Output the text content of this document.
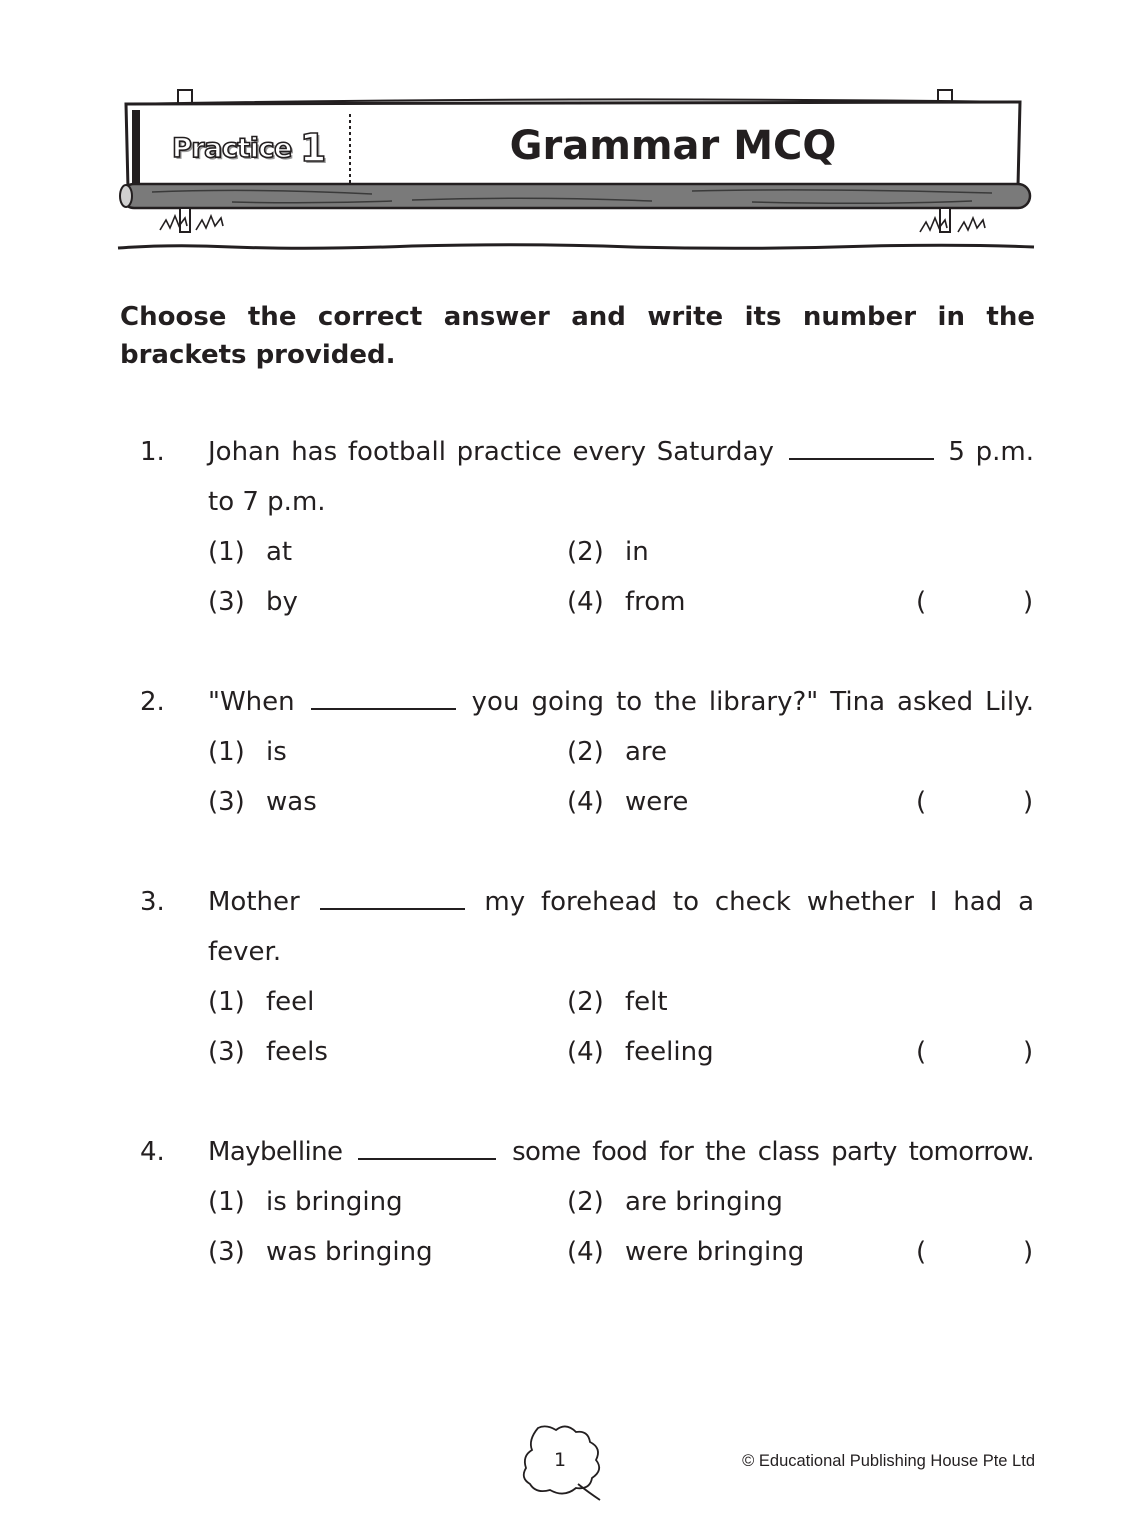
Practice 1	Grammar MCQ
Choose the correct answer and write its number in the brackets provided.
1. Johan has football practice every Saturday	5 p.m.
to 7 p.m.
(1) at	(2) in
(3) by	(4) from	(	)
2. "When	you going to the library?" Tina asked Lily.
(1) is	(2) are
(3) was	(4) were	(	)
3. Mother	my forehead to check whether I had a
fever.
(1) feel	(2) felt
(3) feels	(4) feeling	(	)
4. Maybelline	some food for the class party tomorrow.
(1) is bringing	(2) are bringing
(3) was bringing	(4) were bringing	(	)
1	© Educational Publishing House Pte Ltd
